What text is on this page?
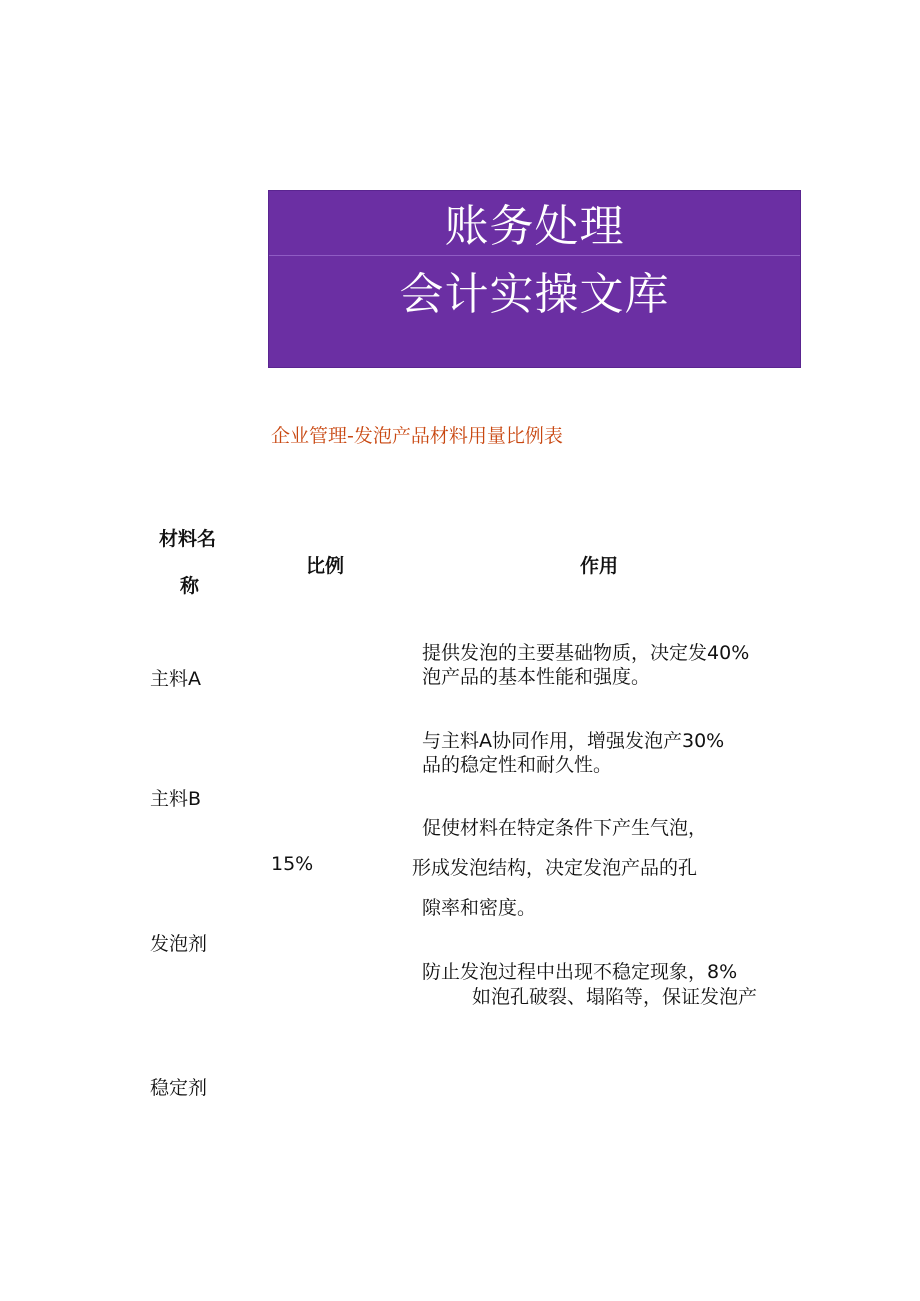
账务处理
会计实操文库
企业管理-发泡产品材料用量比例表
材料名
称
比例	作用
提供发泡的主要基础物质，决定发40%
泡产品的基本性能和强度。
主料A
与主料A协同作用，增强发泡产30%
品的稳定性和耐久性。
主料B
促使材料在特定条件下产生气泡，
15%	形成发泡结构，决定发泡产品的孔
隙率和密度。
发泡剂
防止发泡过程中出现不稳定现象，8%
如泡孔破裂、塌陷等，保证发泡产
稳定剂
